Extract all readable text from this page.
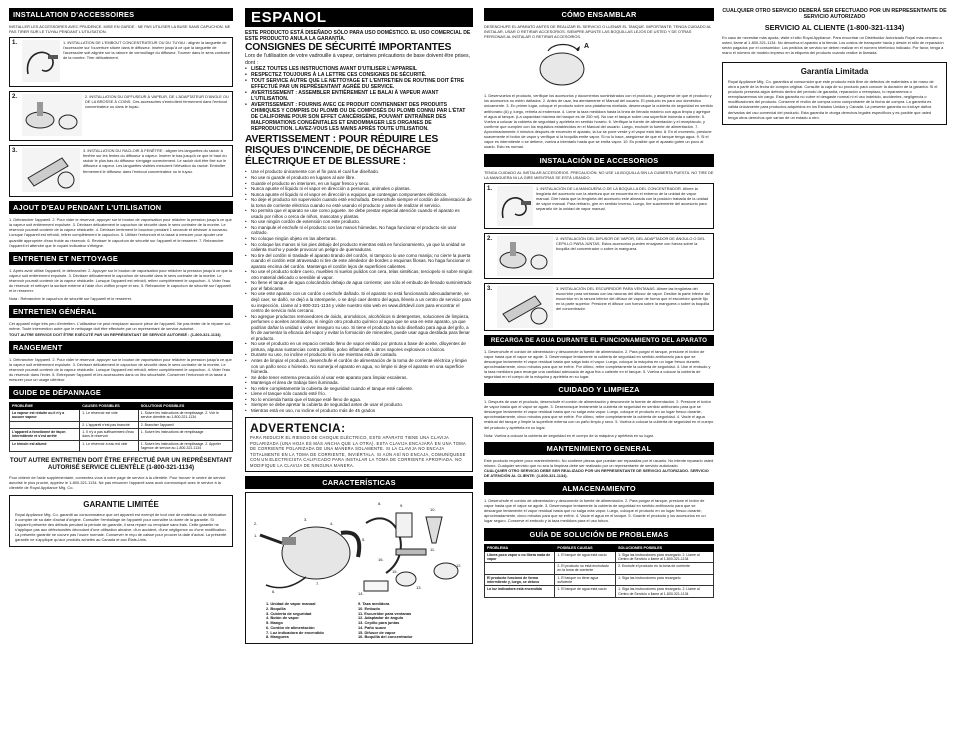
INSTALLATION D'ACCESSOIRES
INSTALLER LES ACCESSOIRES AVEC PRUDENCE. MISE EN GARDE : NE PAS UTILISER LA BUSE SANS CAPUCHON. NE PAS TIRER SUR LE TUYAU PENDANT L'UTILISATION.
1.	1. INSTALLATION DE L'EMBOUT CONCENTRATEUR OU DU TUYAU : aligner la languette de l'accessoire sur l'ouverture située dans le diffuseur. Insérer jusqu'à ce que la languette de l'accessoire soit alignée sur la rainure de verrouillage du diffuseur. Tourner dans le sens contraire de la montre. Tirer délicatement.
2.	2. INSTALLATION DU DIFFUSEUR À VAPEUR, DE L'ADAPTATEUR D'ANGLE OU DE LA BROSSE À COINS. Ces accessoires s'emboîtent fermement dans l'embout concentrateur ou dans le tuyau.
3.	3. INSTALLATION DU RACLOIR À FENÊTRE : aligner les languettes du racloir à fenêtre sur les fentes du diffuseur à vapeur. Insérer le bas jusqu'à ce que le haut du racloir le plus bas du diffuseur s'engage correctement. Le racloir doit être fixé sur le diffuseur à vapeur. Les languettes visibles mesurent l'élévation du racloir. Embolter fermement le diffuseur dans l'embout concentrateur ou le tuyau.
AJOUT D'EAU PENDANT L'UTILISATION
1. Débrancher l'appareil. 2. Pour vider le réservoir, appuyer sur le bouton de vaporisation pour relâcher la pression jusqu'à ce que la vapeur soit entièrement expulsée. 3. Dévisser délicatement le capuchon de sécurité dans le sens contraire de la montre. Le réservoir pourrait contenir de la vapeur résiduelle. 4. Dévisser lentement le bouchon pendant 1 seconde et dévisser à nouveau. Lorsque l'appareil est refroidi, retirer complètement le capuchon. 5. Utiliser l'entonnoir et la tasse à mesurer pour ajouter une quantité appropriée d'eau froide au réservoir. 6. Revisser le capuchon de sécurité sur l'appareil et le resserrer. 7. Rebrancher l'appareil et attendre que le voyant indicateur s'éteigne.
ENTRETIEN ET NETTOYAGE
1. Après avoir utilisé l'appareil, le débrancher. 2. Appuyer sur le bouton de vaporisation pour relâcher la pression jusqu'à ce que la vapeur soit entièrement expulsée. 3. Dévisser délicatement le capuchon de sécurité dans le sens contraire de la montre. Le réservoir pourrait contenir de la vapeur résiduelle. Lorsque l'appareil est refroidi, retirer complètement le capuchon. 4. Vider l'eau du réservoir et nettoyer la surface externe à l'aide d'un chiffon propre et sec. 5. Rebrancher le capuchon de sécurité sur l'appareil et le resserrer.
Nota : Rebrancher le capuchon de sécurité sur l'appareil et le resserrer.
ENTRETIEN GÉNÉRAL
Cet appareil exige très peu d'entretien. L'utilisateur ne peut remplacer aucune pièce de l'appareil. Ne pas tenter de le réparer soi-même. Toute intervention autre que le nettoyage doit être effectuée par un représentant de service autorisé.
TOUT AUTRE SERVICE DOIT ÊTRE EXÉCUTÉ PAR UN REPRÉSENTANT DE SERVICE AUTORISÉ : (1-800-321-1134)
RANGEMENT
1. Débrancher l'appareil. 2. Pour vider le réservoir, appuyer sur le bouton de vaporisation pour relâcher la pression jusqu'à ce que la vapeur soit entièrement expulsée. 3. Dévisser délicatement le capuchon de sécurité dans le sens contraire de la montre. Le réservoir pourrait contenir de la vapeur résiduelle. Lorsque l'appareil est refroidi, retirer complètement le capuchon. 4. Vider l'eau du réservoir dans l'évier. 5. Entreposer l'appareil et les accessoires dans un lieu sécuritaire. Conserver l'entonnoir et la tasse à mesurer pour un usage ultérieur.
GUIDE DE DÉPANNAGE
PROBLÈME	CAUSES POSSIBLES	SOLUTIONS POSSIBLES
La vapeur est réduite ou il n'y a aucune vapeur	1. Le réservoir est vide	1. Suivre les instructions de remplissage. 2. Voir le service clientèle au 1-800-321-1134
	2. L'appareil n'est pas branché	2. Brancher l'appareil
L'appareil a fonctionné de façon intermittente et s'est arrêté	1. Il n'y a pas suffisamment d'eau dans le réservoir	1. Suivre les instructions de remplissage
Le témoin est allumé	1. Le réservoir a eau est vide	1. Suivre les instructions de remplissage. 2. Appeler l'agence de service au 1-800-321-1134
TOUT AUTRE ENTRETIEN DOIT ÊTRE EFFECTUÉ PAR UN REPRÉSENTANT AUTORISÉ SERVICE CLIENTÈLE (1-800-321-1134)
Pour obtenir de l'aide supplémentaire, connectez-vous à notre page de service à la clientèle. Pour trouver le centre de service autorisé le plus proche, appelez le 1-800-321-1134. Ne pas retourner l'appareil sans avoir communiqué avec le service à la clientèle de Royal Appliance Mfg. Co.
GARANTIE LIMITÉE
Royal Appliance Mfg. Co. garantit au consommateur que cet appareil est exempt de tout vice de matériau ou de fabrication à compter de sa date d'achat d'origine. Consulter l'emballage de l'appareil pour connaître la durée de la garantie. Si l'appareil présente des défauts pendant la période de garantie, il sera réparé ou remplacé sans frais. Cette garantie ne s'applique pas aux défectuosités découlant d'une utilisation abusive, d'un accident, d'une négligence ou d'une modification. La présente garantie ne couvre pas l'usure normale. Conserver le reçu de caisse pour prouver la date d'achat. La présente garantie ne s'applique qu'aux produits achetés au Canada et aux États-Unis.
ESPANOL
ESTE PRODUCTO ESTÁ DISEÑADO SÓLO PARA USO DOMÉSTICO. EL USO COMERCIAL DE ESTE PRODUCTO ANULA LA GARANTÍA.
CONSIGNES DE SÉCURITÉ IMPORTANTES
Lors de l'utilisation de votre vadrouille à vapeur, certaines précautions de base doivent être prises, dont :
• LISEZ TOUTES LES INSTRUCTIONS AVANT D'UTILISER L'APPAREIL
• RESPECTEZ TOUJOURS À LA LETTRE CES CONSIGNES DE SÉCURITÉ.
• TOUT SERVICE AUTRE QUE LE NETTOYAGE ET L'ENTRETIEN DE ROUTINE DOIT ÊTRE EFFECTUÉ PAR UN REPRÉSENTANT AGRÉÉ DU SERVICE.
• AVERTISSEMENT : ASSEMBLER ENTIÈREMENT LE BALAI À VAPEUR AVANT L'UTILISATION.
• AVERTISSEMENT : FOURNIS AVEC CE PRODUIT CONTIENNENT DES PRODUITS CHIMIQUES Y COMPRIS DU PLOMB OU DE COMPOSÉS DU PLOMB CONNU PAR L'ÉTAT DE CALIFORNIE POUR SON EFFET CANCÉRIGÈNE, POUVANT ENTRAÎNER DES MALFORMATIONS CONGÉNITALES ET ENDOMMAGER LES ORGANES DE REPRODUCTION. LAVEZ-VOUS LES MAINS APRÈS TOUTE UTILISATION.
AVERTISSEMENT : POUR RÉDUIRE LES RISQUES D'INCENDIE, DE DÉCHARGE ÉLECTRIQUE ET DE BLESSURE :
• Use el producto únicamente con el fin para el cual fue diseñado.
• No use ni guarde el producto en lugares al aire libre.
• Guarde el producto en interiores, en un lugar fresco y seco.
• Nunca apunte el líquido ni el vapor en dirección a personas, animales o plantas.
• Nunca apunte el líquido ni el vapor en dirección a equipos que contengan componentes eléctricos.
• No deje el producto sin supervisión cuando esté enchufado. Desenchufe siempre el cordón de alimentación de la toma de corriente eléctrica cuando no esté usando el producto y antes de realizar el servicio.
• No permita que el aparato se use como juguete. Se debe prestar especial atención cuando el aparato es usado por niños o cerca de niños, mascotas y plantas.
• No use ningún cordón de extensión con este producto.
• No manipule el enchufe ni el producto con las manos húmedas. No haga funcionar el producto sin usar calzado.
• No coloque ningún objeto en las aberturas.
• No coloque las manos ni los pies debajo del producto mientras está en funcionamiento, ya que la unidad se calienta mucho y puede provocar un peligro de quemaduras.
• No tire del cordón ni traslade el aparato tirando del cordón, ni tampoco lo use como manija; no cierre la puerta cuando el cordón esté atravesado ni tire de este alrededor de bordes o esquinas filosas. No haga funcionar el aparato encima del cordón. Mantenga el cordón lejos de superficies calientes.
• No use el producto sobre cuero, muebles ni suelos pulidos con cera, telas sintéticas, terciopelo ni sobre ningún otro material delicado o sensible al vapor.
• No llene el tanque de agua colocándolo debajo de agua corriente; use sólo el embudo de llenado suministrado por el fabricante.
• No use este aparato con un cordón o enchufe dañado. Si el aparato no está funcionando adecuadamente, se dejó caer, se dañó, se dejó a la intemperie, o se dejó caer dentro del agua, llévelo a un centro de servicio para su inspección. Llame al 1-800-321-1134 y visite nuestro sitio web en www.dirtdevil.com para encontrar el centro de servicio más cercano.
• No agregue productos removedores de óxido, aromáticos, alcohólicos ni detergentes, soluciones de limpieza, perfumes o aceites aromáticos, ni ningún otro producto químico al agua que se usa en este aparato, ya que podrían dañar la unidad o volver inseguro su uso. Si tiene el producto ha sido diseñado para agua del grifo, a fin de aumentar la eficacia del vapor y evitar la formación de minerales, puede usar agua destilada para llenar el producto.
• No use el producto en un espacio cerrado lleno de vapor emitido por pintura a base de aceite, diluyentes de pintura, algunas sustancias contra polillas, polvo inflamable, u otros vapores explosivos o tóxicos.
• Durante su uso, no incline el producto ni lo use mientras está de costado.
• Antes de limpiar el producto, desenchufe el cordón de alimentación de la toma de corriente eléctrica y limpie con un paño seco o húmedo. No sumerja el aparato en agua, no limpie ni deje el aparato en una superficie húmeda.
• Se debe tener extrema precaución al usar este aparato para limpiar escaleras.
• Mantenga el área de trabajo bien iluminada.
• No retire completamente la cubierta de seguridad cuando el tanque esté caliente.
• Llene el tanque sólo cuando esté frío.
• No lo encienda hasta que el tanque esté lleno de agua.
• Siempre se debe apretar la cubierta de seguridad antes de usar el producto.
• Mientras está en uso, no incline el producto más de 45 grados
ADVERTENCIA:
PARA REDUCIR EL RIESGO DE CHOQUE ELÉCTRICO, ESTE APARATO TIENE UNA CLAVIJA POLARIZADA (UNA HOJA ES MÁS ANCHA QUE LA OTRA). ESTA CLAVIJA ENCAJARÁ EN UNA TOMA DE CORRIENTE POLARIZADA DE UNA MANERA SOLAMENTE. SI LA CLAVIJA NO ENCAJA TOTALMENTE EN LA TOMA DE CORRIENTE, INVIÉRTALA. SI AÚN ASÍ NO ENCAJA, COMUNÍQUESE CON UN ELECTRICISTA CALIFICADO PARA INSTALAR LA TOMA DE CORRIENTE APROPIADA. NO MODIFIQUE LA CLAVIJA DE NINGUNA MANERA.
CARACTERÍSTICAS
1.
2.
3.
4.
5.
6.
7.
8.	9.
10.
11.
12.
13.
14.
15.
16.
1. Unidad de vapor manual	9. Taza medidora
2. Boquilla	10. Embudo
3. Cubierta de seguridad	11. Escurridor para ventanas
4. Botón de vapor	12. Adaptador de ángulo
5. Mango	13. Cepillo para juntas
6. Cordón de alimentación	14. Paño suave
7. Luz indicadora de encendido	15. Difusor de vapor
8. Manguera	16. Boquilla del concentrador
CÓMO ENSAMBLAR
DESENCHUFE EL APARATO ANTES DE REALIZAR EL SERVICIO O LLENAR EL TANQUE. IMPORTANTE: TENGA CUIDADO AL INSTALAR, USAR O RETIRAR ACCESORIOS. SIEMPRE APUNTE LAS BOQUILLAS LEJOS DE USTED Y DE OTRAS PERSONAS AL INSTALAR O RETIRAR ACCESORIOS.
A
1. Desenvuelva el producto, verifique los accesorios y documentos suministrados con el producto, y asegúrese de que el producto y los accesorios no estén dañados. 2. Antes de usar, lea atentamente el Manual del usuario. El producto es para uso doméstico únicamente. 3. En primer lugar, coloque el producto sobre una plataforma nivelada, desenrosque la cubierta de seguridad en sentido antihorario (A) y, luego, retírela al enderezar. 4. Llene la taza medidora hasta la línea de llenado máximo con agua limpia y agregue el agua al tanque. (La capacidad máxima del tanque es de 250 ml). No use el tanque sobre una superficie húmeda o caliente. 5. Vuelva a colocar la cubierta de seguridad y apriétela en sentido horario. 6. Verifique la fuente de alimentación y el receptáculo, y confirme que cumplen con los requisitos establecidos en el Manual del usuario. Luego, enchufe la fuente de alimentación. 7. Aproximadamente 4 minutos después de encender el aparato, la luz se pone verde y el vapor está listo. 8. En el momento, presione suavemente el botón de vapor y verifique si la boquilla emite vapor. Si no lo hace, asegúrese de que el tanque tenga agua. 9. Si el vapor es intermitente o se detiene, vuelva a intentarlo hasta que se emita vapor. 10. Es posible que el aparato gotee un poco al usarlo. Esto es normal.
INSTALACIÓN DE ACCESORIOS
TENGA CUIDADO AL INSTALAR ACCESORIOS. PRECAUCIÓN: NO USE LA BOQUILLA SIN LA CUBIERTA PUESTA. NO TIRE DE LA MANGUERA NI LA GIRE MIENTRAS SE ESTÁ USANDO.
1.	1. INSTALACIÓN DE LA MANGUERA O DE LA BOQUILLA DEL CONCENTRADOR. Alinee la lengüeta del accesorio con la abertura que se encuentra en el extremo de la unidad de vapor manual. Gire hasta que la lengüeta del accesorio esté alineada con la posición trabada de la unidad de vapor manual. Para retirarlo, gire en sentido inverso. Luego, tire suavemente del accesorio para separarlo de la unidad de vapor manual.
2.	2. INSTALACIÓN DEL DIFUSOR DE VAPOR, DEL ADAPTADOR DE ÁNGULO O DEL CEPILLO PARA JUNTAS. Estos accesorios pueden encajarse con fuerza sobre la boquilla del concentrador o sobre la manguera.
3.	3. INSTALACIÓN DEL ESCURRIDOR PARA VENTANAS. Alinee las lengüetas del escurridor para ventanas con las ranuras del difusor de vapor. Deslice la parte inferior del escurridor en la ranura inferior del difusor de vapor de forma que el escurridor quede fijo en la parte superior. Presione el difusor con fuerza sobre la manguera o sobre la boquilla del concentrador.
RECARGA DE AGUA DURANTE EL FUNCIONAMIENTO DEL APARATO
1. Desenchufe el cordón de alimentación y desconecte la fuente de alimentación. 2. Para purgar el tanque, presione el botón de vapor hasta que el vapor se agote. 3. Desenrosque lentamente la cubierta de seguridad en sentido antihorario para que se descargue lentamente el vapor residual hasta que salga todo el vapor. Luego, coloque la máquina en un lugar fresco durante, aproximadamente, cinco minutos para que se enfríe. Por último, retire completamente la cubierta de seguridad. 4. Use el embudo y la taza medidora para recargar una cantidad adecuada de agua fría o caliente en el tanque. 5. Vuelva a colocar la cubierta de seguridad en el cuerpo de la máquina y apriétela en su lugar.
CUIDADO Y LIMPIEZA
1. Después de usar el producto, desenchufe el cordón de alimentación y desconecte la fuente de alimentación. 2. Presione el botón de vapor hasta que el vapor se agote. 3. Desenrosque lentamente la cubierta de seguridad en sentido antihorario para que se descargue lentamente el vapor residual hasta que no salga más vapor. Luego, coloque el producto en un lugar fresco durante, aproximadamente, cinco minutos para que se enfríe. Por último, retire completamente la cubierta de seguridad. 4. Vacíe el agua residual del tanque y limpie la superficie externa con un paño limpio y seco. 5. Vuelva a colocar la cubierta de seguridad en el cuerpo del producto y apriétela en su lugar.
Nota: Vuelva a colocar la cubierta de seguridad en el cuerpo de la máquina y apriétela en su lugar.
MANTENIMIENTO GENERAL
Este producto requiere poco mantenimiento. No contiene piezas que puedan ser reparadas por el usuario. No intente repararlo usted mismo. Cualquier servicio que no sea la limpieza debe ser realizado por un representante de servicio autorizado.
CUALQUIER OTRO SERVICIO DEBE SER REALIZADO POR UN REPRESENTANTE DE SERVICIO AUTORIZADO. SERVICIO DE ATENCIÓN AL CLIENTE: (1-800-321-1134).
ALMACENAMIENTO
1. Desenchufe el cordón de alimentación y desconecte la fuente de alimentación. 2. Para purgar el tanque, presione el botón de vapor hasta que el vapor se agote. 3. Desenrosque lentamente la cubierta de seguridad en sentido antihorario para que se descargue lentamente el vapor residual hasta que no salga más vapor. Luego, coloque el producto en un lugar fresco durante, aproximadamente, cinco minutos para que se enfríe. 4. Vacíe el agua en el tanque. 5. Guarde el producto y los accesorios en un lugar seguro. Conserve el embudo y la taza medidora para el uso futuro.
GUÍA DE SOLUCIÓN DE PROBLEMAS
PROBLEMA	POSIBLES CAUSAS	SOLUCIONES POSIBLES
Libera poco vapor o no libera nada de vapor	1. El tanque de agua está vacío	1. Siga las instrucciones para recargarlo. 2. Llame al Centro de Servicio o llame al 1-800-321-1134
	2. El producto no está enchufado en la toma de corriente	2. Enchufe el producto en la toma de corriente
El producto funcionó de forma intermitente y, luego, se detuvo	1. El tanque no tiene agua suficiente	1. Siga las instrucciones para recargarlo
La luz indicadora está encendida	1. El tanque de agua está vacío	1. Siga las instrucciones para recargarlo. 2. Llame al Centro de Servicio o llame al 1-800-321-1134
CUALQUIER OTRO SERVICIO DEBERÁ SER EFECTUADO POR UN REPRESENTANTE DE SERVICIO AUTORIZADO
SERVICIO AL CLIENTE (1-800-321-1134)
En caso de necesitar más ayuda, visite el sitio Royal Appliance. Para encontrar un Distribuidor Autorizado Royal más cercano a usted, llame al 1-800-321-1134. No devuelva el aparato a la tienda. Los costos de transporte hacia y desde el sitio de reparación serán pagados por el consumidor. Los pedidos de servicio se deben realizar en el número telefónico indicado. Por favor, tenga a mano el número de modelo impreso en la etiqueta del producto cuando realice la llamada.
Garantía Limitada
Royal Appliance Mfg. Co. garantiza al consumidor que este producto está libre de defectos de materiales o de mano de obra a partir de la fecha de compra original. Consulte la caja de su producto para conocer la duración de la garantía. Si el producto presenta algún defecto dentro del período de garantía, reparación o reemplazo, lo repararemos o reemplazaremos sin cargo. Esta garantía no cubre el desgaste normal ni el uso indebido, accidentes, negligencia o modificaciones del producto. Conserve el recibo de compra como comprobante de la fecha de compra. La garantía es válida únicamente para productos adquiridos en los Estados Unidos y Canadá. La presente garantía no incluye daños derivados del uso comercial del producto. Esta garantía le otorga derechos legales específicos y es posible que usted tenga otros derechos que varían de un estado a otro.
